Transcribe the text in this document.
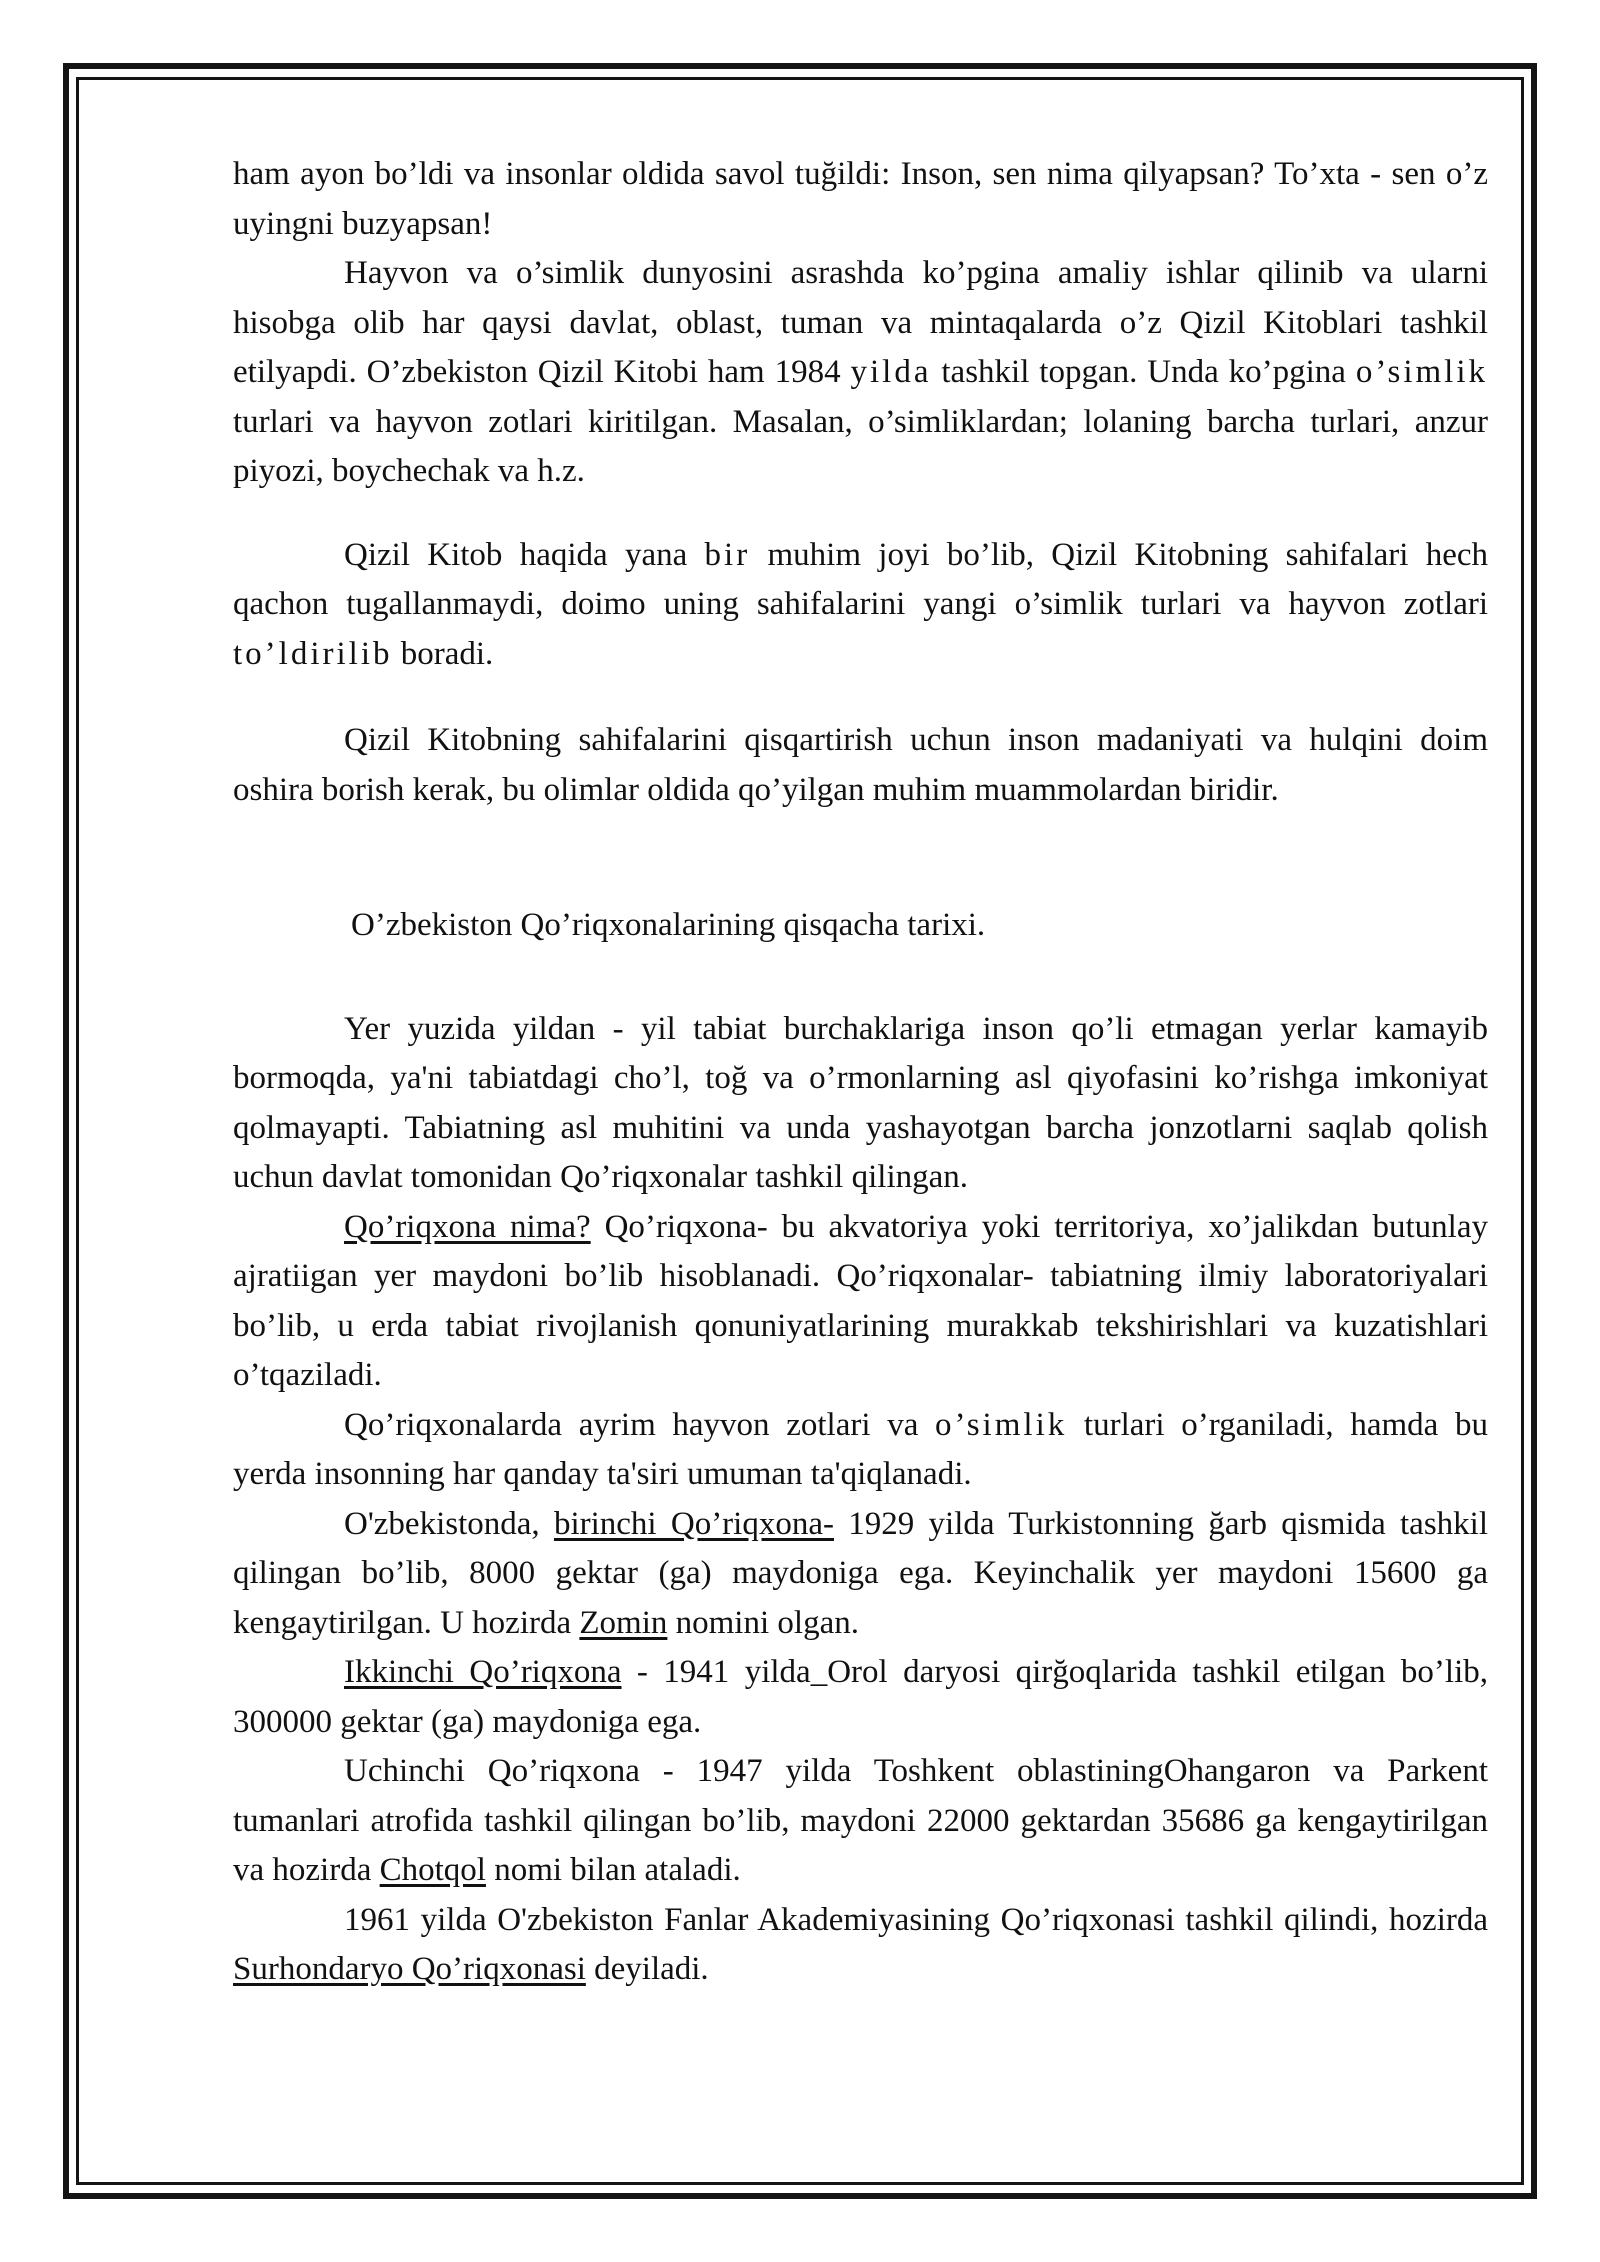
ham ayon bo’ldi va insonlar oldida savol tuğildi: Inson, sen nima qilyapsan? To’xta - sen o’z uyingni buzyapsan!

Hayvon va o’simlik dunyosini asrashda ko’pgina amaliy ishlar qilinib va ularni hisobga olib har qaysi davlat, oblast, tuman va mintaqalarda o’z Qizil Kitoblari tashkil etilyapdi. O’zbekiston Qizil Kitobi ham 1984 yilda tashkil topgan. Unda ko’pgina o’simlik turlari va hayvon zotlari kiritilgan. Masalan, o’simliklardan; lolaning barcha turlari, anzur piyozi, boychechak va h.z.

Qizil Kitob haqida yana bir muhim joyi bo’lib, Qizil Kitobning sahifalari hech qachon tugallanmaydi, doimo uning sahifalarini yangi o’simlik turlari va hayvon zotlari to’ldirilib boradi.

Qizil Kitobning sahifalarini qisqartirish uchun inson madaniyati va hulqini doim oshira borish kerak, bu olimlar oldida qo’yilgan muhim muammolardan biridir.

O’zbekiston Qo’riqxonalarining qisqacha tarixi.

Yer yuzida yildan - yil tabiat burchaklariga inson qo’li etmagan yerlar kamayib bormoqda, ya'ni tabiatdagi cho’l, toğ va o’rmonlarning asl qiyofasini ko’rishga imkoniyat qolmayapti. Tabiatning asl muhitini va unda yashayotgan barcha jonzotlarni saqlab qolish uchun davlat tomonidan Qo’riqxonalar tashkil qilingan.

Qo’riqxona nima? Qo’riqxona- bu akvatoriya yoki territoriya, xo’jalikdan butunlay ajratiigan yer maydoni bo’lib hisoblanadi. Qo’riqxonalar- tabiatning ilmiy laboratoriyalari bo’lib, u erda tabiat rivojlanish qonuniyatlarining murakkab tekshirishlari va kuzatishlari o’tqaziladi.

Qo’riqxonalarda ayrim hayvon zotlari va o’simlik turlari o’rganiladi, hamda bu yerda insonning har qanday ta'siri umuman ta'qiqlanadi.

O'zbekistonda, birinchi Qo’riqxona- 1929 yilda Turkistonning ğarb qismida tashkil qilingan bo’lib, 8000 gektar (ga) maydoniga ega. Keyinchalik yer maydoni 15600 ga kengaytirilgan. U hozirda Zomin nomini olgan.

Ikkinchi Qo’riqxona - 1941 yilda_Orol daryosi qirğoqlarida tashkil etilgan bo’lib, 300000 gektar (ga) maydoniga ega.

Uchinchi Qo’riqxona - 1947 yilda Toshkent oblastiningOhangaron va Parkent tumanlari atrofida tashkil qilingan bo’lib, maydoni 22000 gektardan 35686 ga kengaytirilgan va hozirda Chotqol nomi bilan ataladi.

1961 yilda O'zbekiston Fanlar Akademiyasining Qo’riqxonasi tashkil qilindi, hozirda Surhondaryo Qo’riqxonasi deyiladi.
